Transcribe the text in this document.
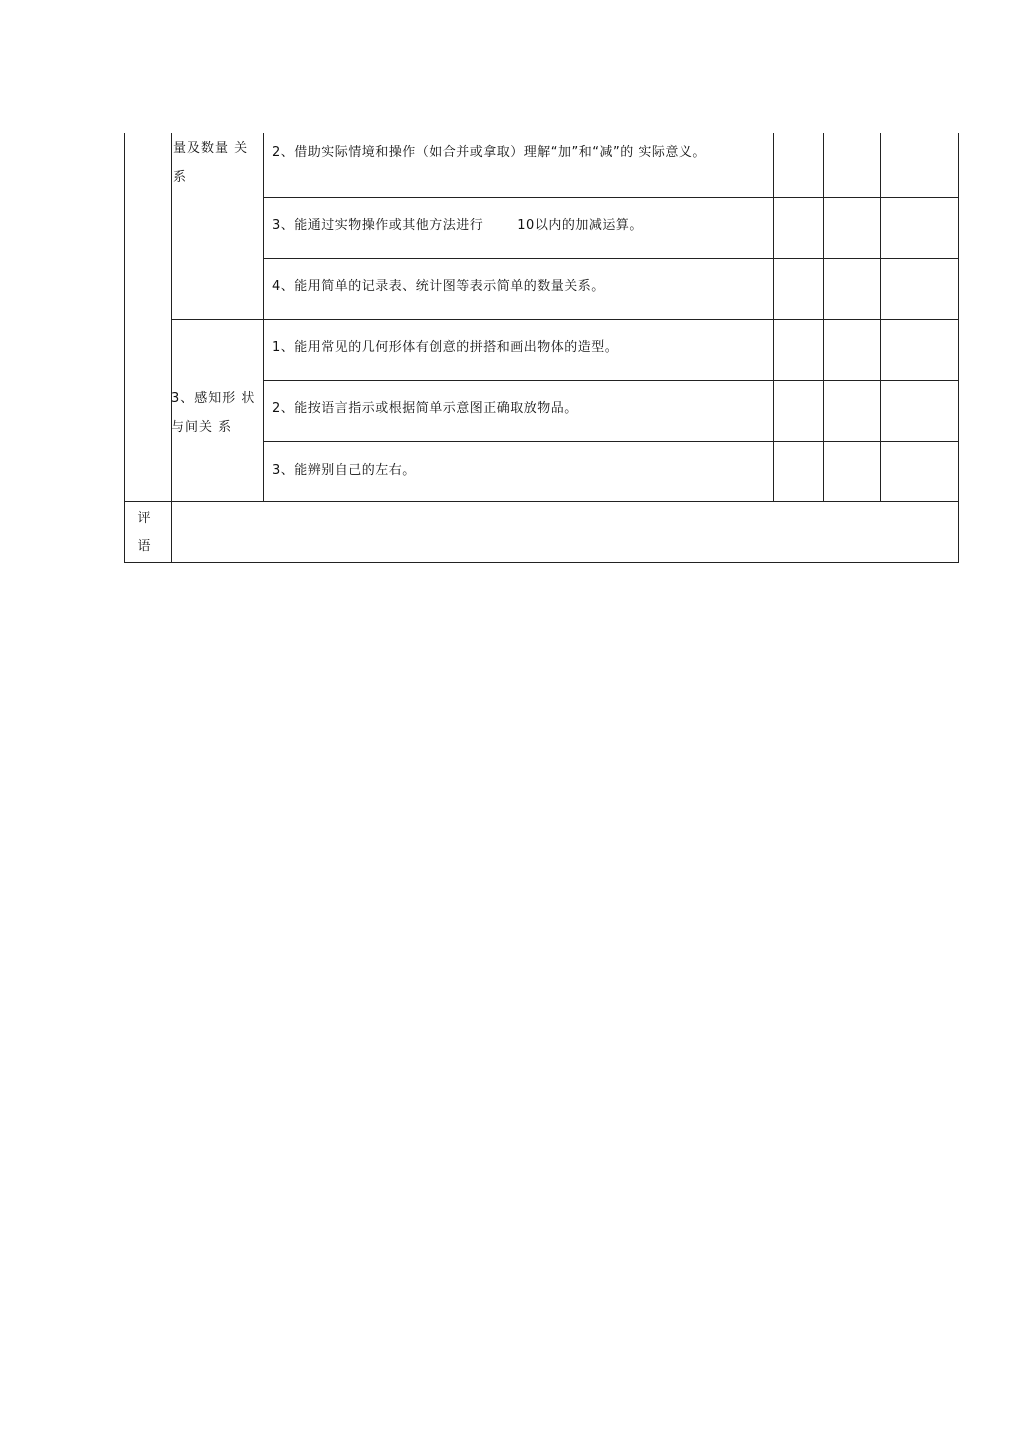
量及数量 关系
3、感知形 状与间关 系
2、借助实际情境和操作（如合并或拿取）理解“加”和“减”的 实际意义。
3、能通过实物操作或其他方法进行	10以内的加减运算。
4、能用简单的记录表、统计图等表示简单的数量关系。
1、能用常见的几何形体有创意的拼搭和画出物体的造型。
2、能按语言指示或根据简单示意图正确取放物品。
3、能辨别自己的左右。
评语
